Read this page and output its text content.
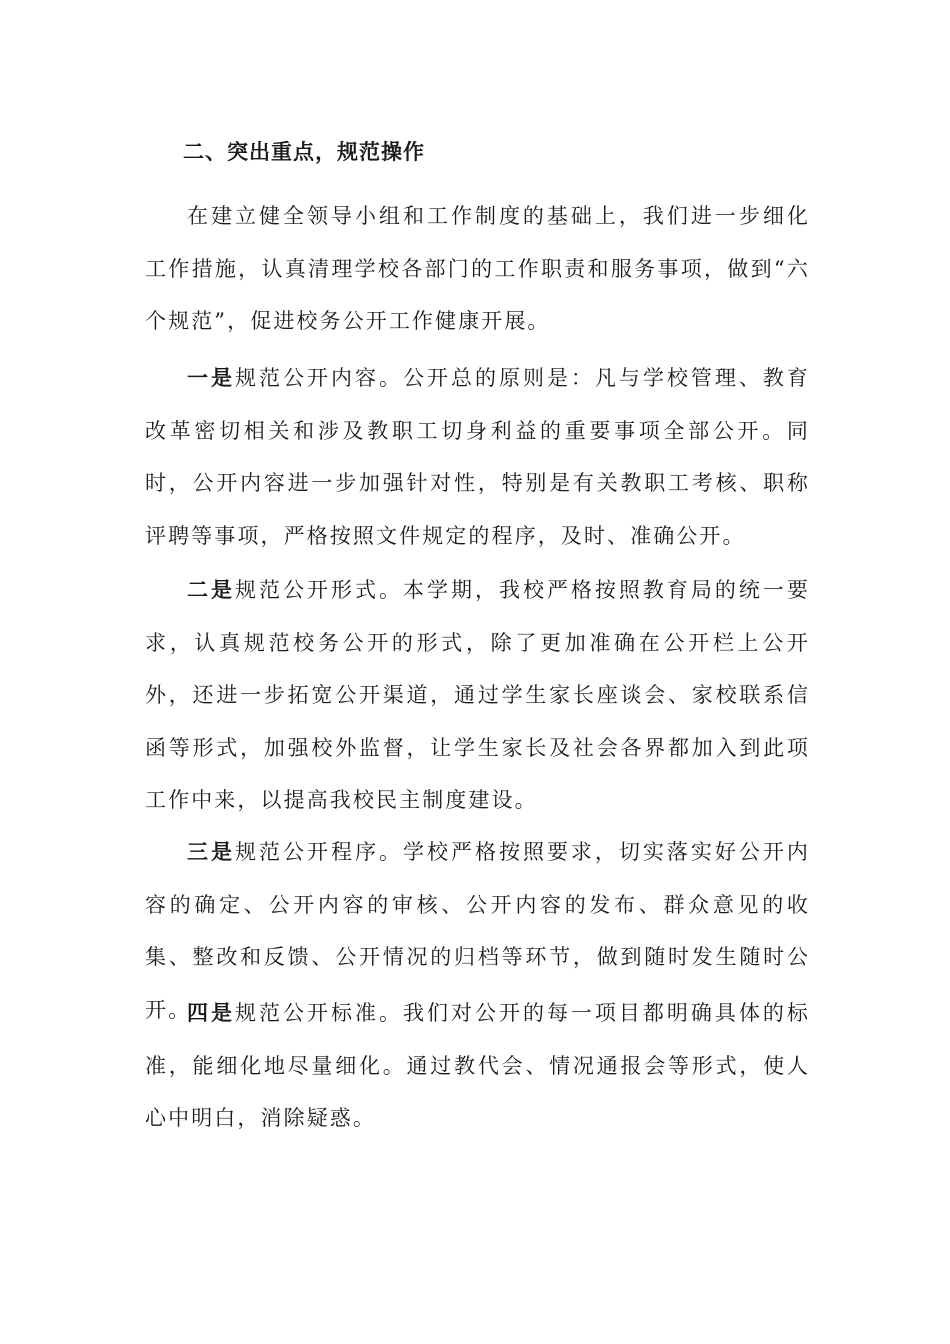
二、突出重点，规范操作

在建立健全领导小组和工作制度的基础上，我们进一步细化工作措施，认真清理学校各部门的工作职责和服务事项，做到“六个规范”，促进校务公开工作健康开展。

一是规范公开内容。公开总的原则是：凡与学校管理、教育改革密切相关和涉及教职工切身利益的重要事项全部公开。同时，公开内容进一步加强针对性，特别是有关教职工考核、职称评聘等事项，严格按照文件规定的程序，及时、准确公开。

二是规范公开形式。本学期，我校严格按照教育局的统一要求，认真规范校务公开的形式，除了更加准确在公开栏上公开外，还进一步拓宽公开渠道，通过学生家长座谈会、家校联系信函等形式，加强校外监督，让学生家长及社会各界都加入到此项工作中来，以提高我校民主制度建设。

三是规范公开程序。学校严格按照要求，切实落实好公开内容的确定、公开内容的审核、公开内容的发布、群众意见的收集、整改和反馈、公开情况的归档等环节，做到随时发生随时公开。

四是规范公开标准。我们对公开的每一项目都明确具体的标准，能细化地尽量细化。通过教代会、情况通报会等形式，使人心中明白，消除疑惑。
